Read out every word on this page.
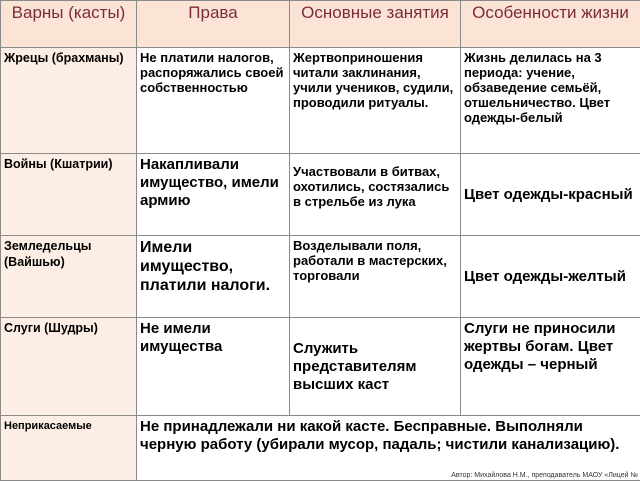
Варны (касты)	Права	Основные занятия	Особенности жизни
Жрецы (брахманы)	Не платили налогов, распоряжались своей собственностью	Жертвоприношения читали заклинания, учили учеников, судили, проводили ритуалы.	Жизнь делилась на 3 периода: учение, обзаведение семьёй, отшельничество. Цвет одежды-белый
Войны (Кшатрии)	Накапливали имущество, имели армию	Участвовали в битвах, охотились, состязались в стрельбе из лука	Цвет одежды-красный
Земледельцы (Вайшью)	Имели имущество, платили налоги.	Возделывали поля, работали в мастерских, торговали	Цвет одежды-желтый
Слуги (Шудры)	Не имели имущества	Служить представителям высших каст	Слуги не приносили жертвы богам. Цвет одежды – черный
Неприкасаемые	Не принадлежали ни какой касте. Бесправные. Выполняли черную работу (убирали мусор, падаль; чистили канализацию).		
Автор: Михайлова Н.М., преподаватель МАОУ «Лицей №
